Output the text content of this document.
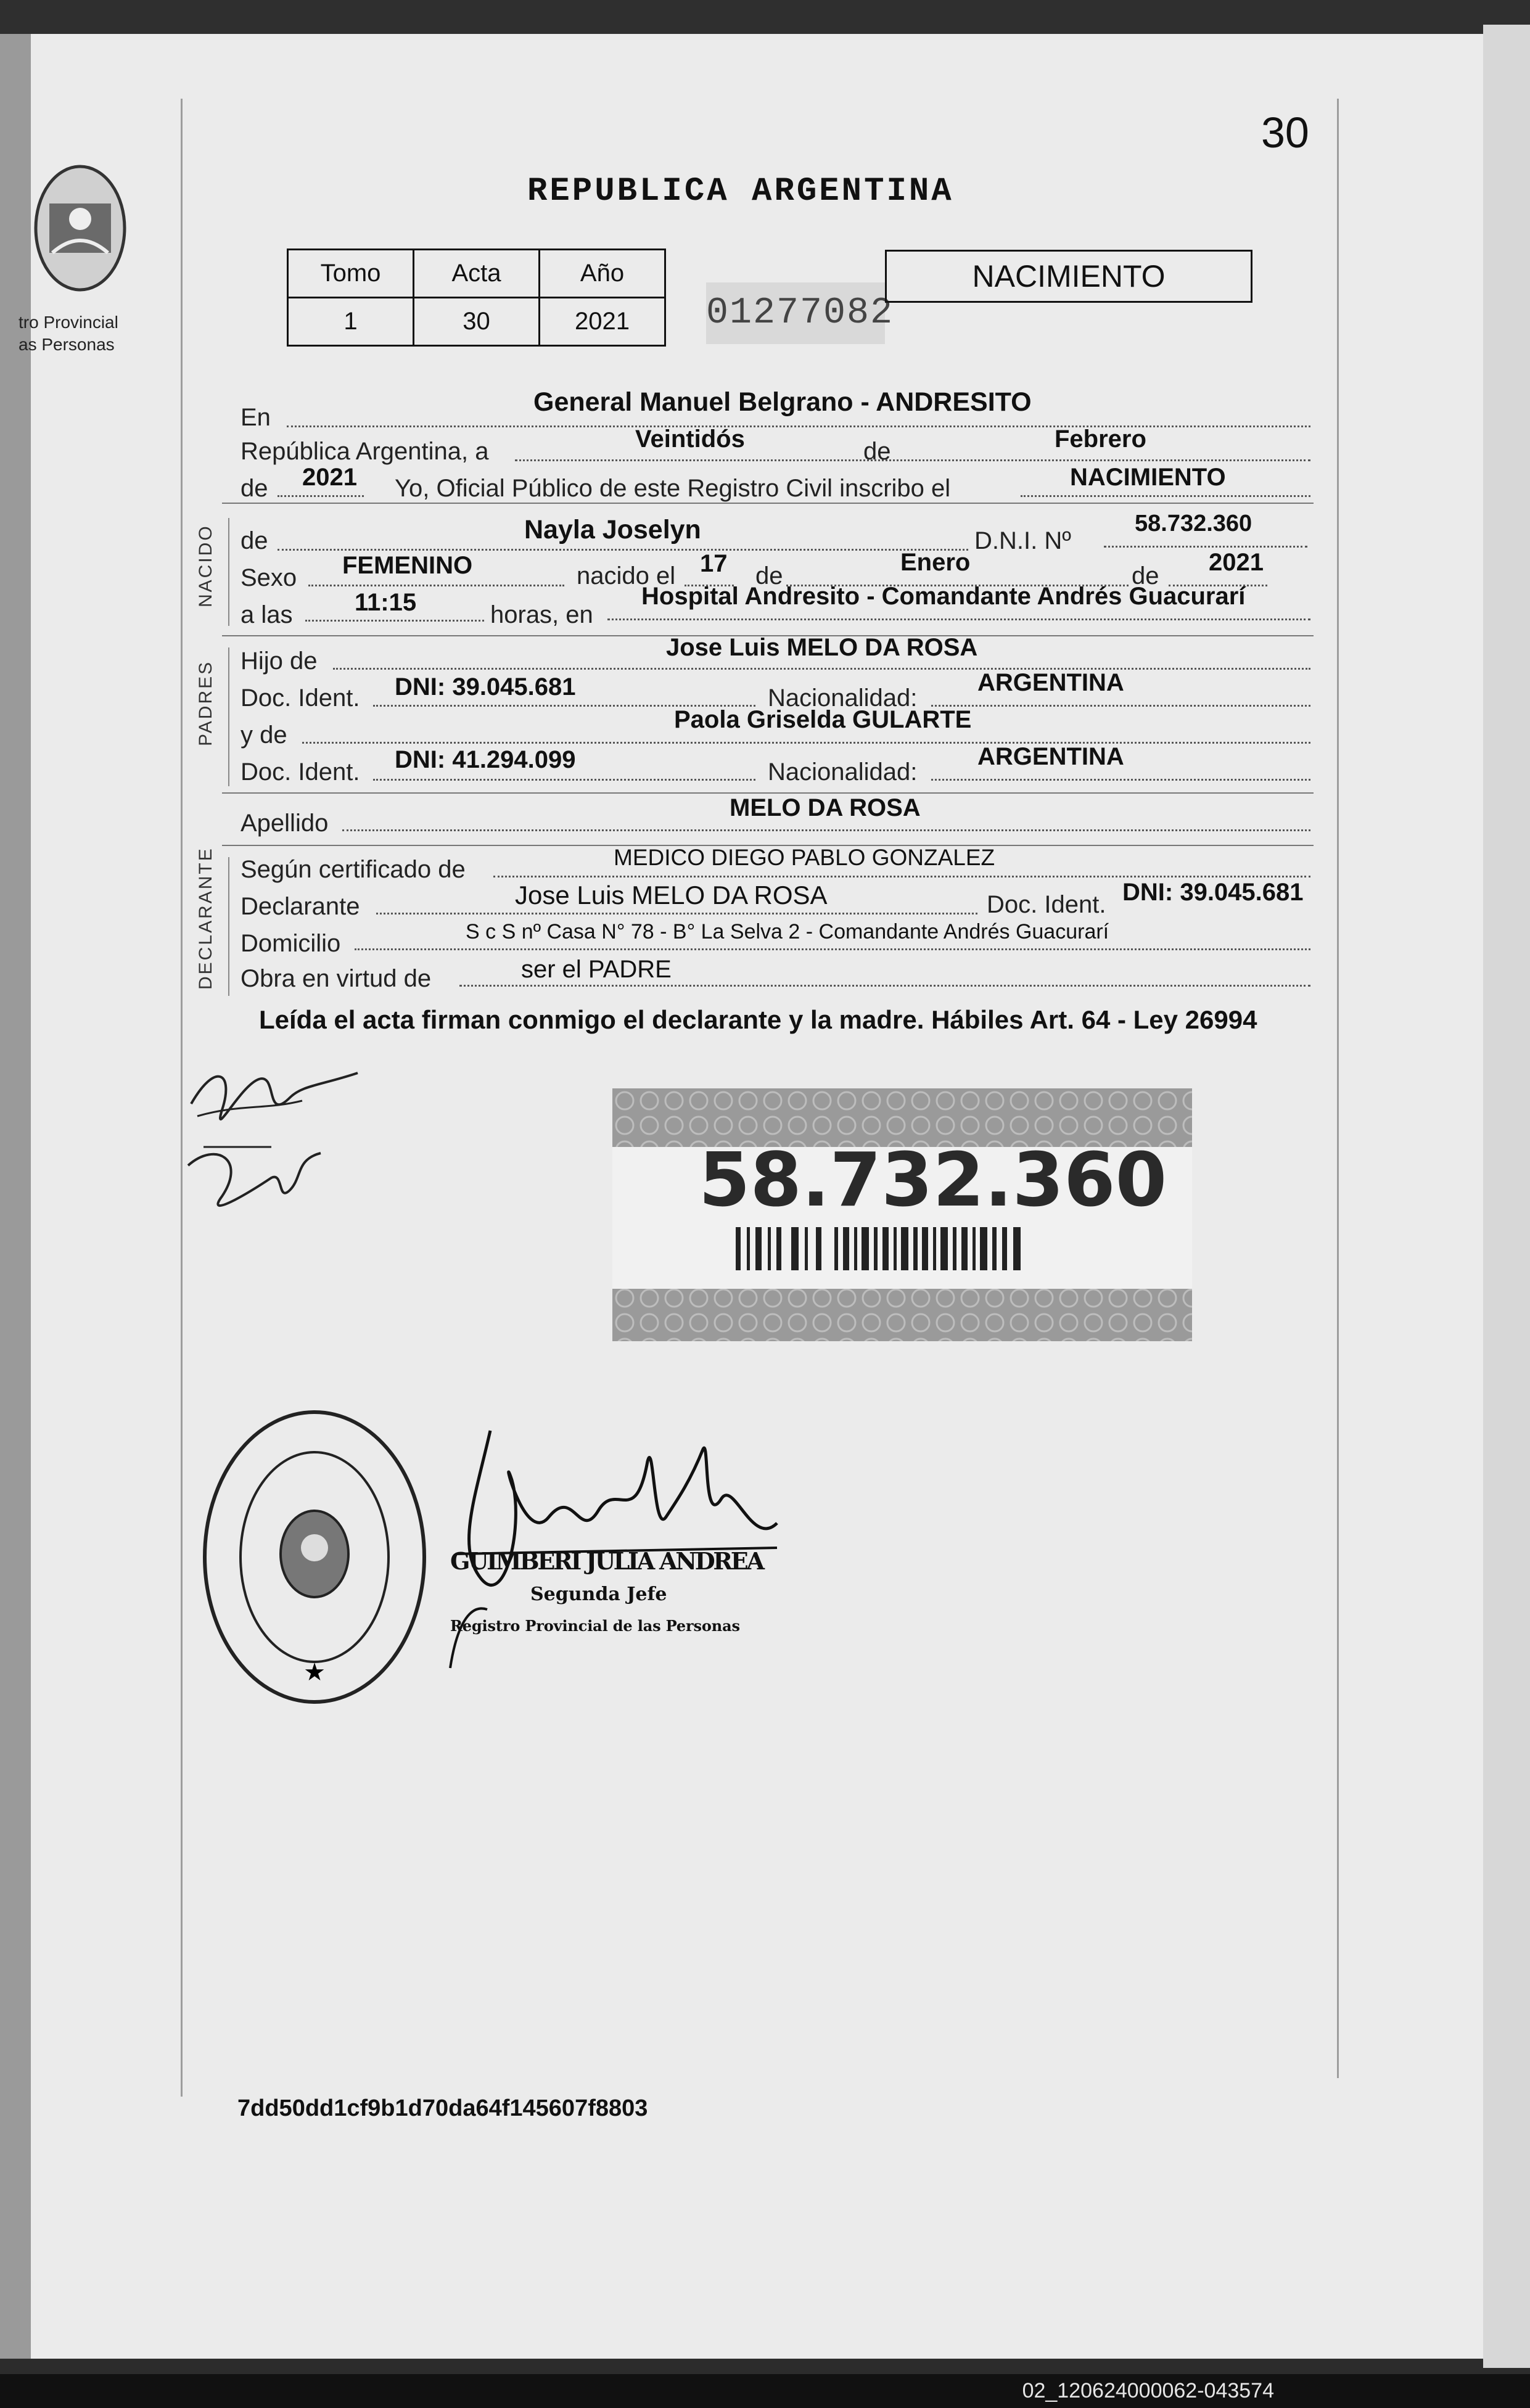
30
tro Provincial
as Personas
REPUBLICA ARGENTINA
Tomo	Acta	Año
1	30	2021 01277082
NACIMIENTO
En
General Manuel Belgrano - ANDRESITO
República Argentina, a	Veintidós	de	Febrero
de 2021 Yo, Oficial Público de este Registro Civil inscribo el	NACIMIENTO
NACIDO de	Nayla Joselyn	D.N.I. Nº
58.732.360
Sexo FEMENINO	nacido el 17 de	Enero	de 2021
a las	11:15	horas, en
Hospital Andresito - Comandante Andrés Guacurarí
PADRES Hijo de	Jose Luis MELO DA ROSA
Doc. Ident. DNI: 39.045.681	Nacionalidad:
ARGENTINA
y de
Paola Griselda GULARTE
Doc. Ident. DNI: 41.294.099	Nacionalidad:
ARGENTINA
Apellido
MELO DA ROSA
DECLARANTE Según certificado de	MEDICO DIEGO PABLO GONZALEZ
Declarante	Jose Luis MELO DA ROSA	Doc. Ident. DNI: 39.045.681
Domicilio	S c S nº Casa N° 78 - B° La Selva 2 - Comandante Andrés Guacurarí
Obra en virtud de	ser el PADRE
Leída el acta firman conmigo el declarante y la madre. Hábiles Art. 64 - Ley 26994
58.732.360
★
GUIMBERI JULIA ANDREA
Segunda Jefe
Registro Provincial de las Personas
7dd50dd1cf9b1d70da64f145607f8803
02_120624000062-043574
